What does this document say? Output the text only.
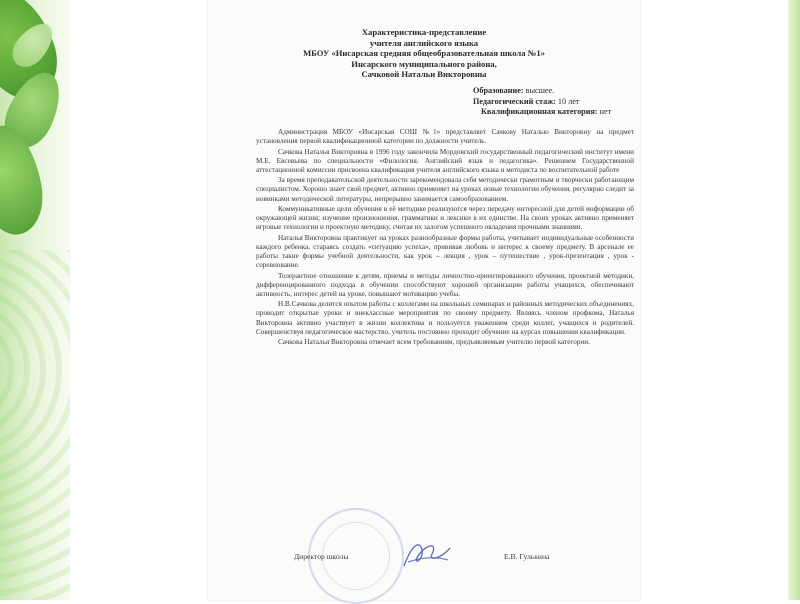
Характеристика-представление
учителя английского языка
МБОУ «Инсарская средняя общеобразовательная школа №1»
Инсарского муниципального района,
Сачковой Натальи Викторовны
Образование: высшее.
Педагогический стаж: 10 лет
Квалификационная категория: нет

Администрация МБОУ «Инсарская СОШ №1» представляет Сачкову Наталью Викторовну на предмет установления первой квалификационной категории по должности учитель.

Сачкова Наталья Викторовна в 1996 году закончила Мордовский государственный педагогический институт имени М.Е. Евсевьева по специальности «Филология. Английский язык и педагогика». Решением Государственной аттестационной комиссии присвоена квалификация учителя английского языка и методиста по воспитательной работе

За время преподавательской деятельности зарекомендовала себя методически грамотным и творчески работающим специалистом. Хорошо знает свой предмет, активно применяет на уроках новые технологии обучения, регулярно следит за новинками методической литературы, непрерывно занимается самообразованием.

Коммуникативные цели обучения в её методике реализуются через передачу интересной для детей информации об окружающей жизни; изучение произношения, грамматики и лексики в их единстве. На своих уроках активно применяет игровые технологии и проектную методику, считая их залогом успешного овладения прочными знаниями.

Наталья Викторовна практикует на уроках разнообразные формы работы, учитывает индивидуальные особенности каждого ребенка, стараясь создать «ситуацию успеха», прививая любовь и интерес к своему предмету. В арсенале ее работы такие формы учебной деятельности, как урок – лекция , урок – путешествие , урок-презентация , урок - соревнование.

Толерантное отношение к детям, приемы и методы личностно-ориентированного обучения, проектной методики, дифференцированного подхода в обучении способствуют хорошей организации работы учащихся, обеспечивают активность, интерес детей на уроке, повышают мотивацию учебы.

Н.В.Сачкова делится опытом работы с коллегами на школьных семинарах и районных методических объединениях, проводит открытые уроки и внеклассные мероприятия по своему предмету. Являясь членом профкома, Наталья Викторовна активно участвует в жизни коллектива и пользуется уважением среди коллег, учащихся и родителей. Совершенствуя педагогическое мастерство, учитель постоянно проходит обучение на курсах повышения квалификации.

Сачкова Наталья Викторовна отвечает всем требованиям, предъявляемым учителю первой категории.

Директор школы	Е.В. Гулькина
